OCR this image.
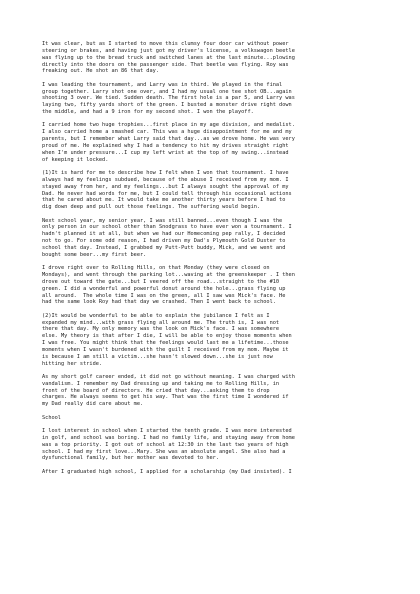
It was clear, but as I started to move this clumsy four door car without power
steering or brakes, and having just got my driver's license, a volkswagon beetle
was flying up to the bread truck and switched lanes at the last minute...plowing
directly into the doors on the passenger side. That beetle was flying. Roy was
freaking out. He shot an 86 that day.

I was leading the tournament, and Larry was in third. We played in the final
group together. Larry shot one over, and I had my usual one tee shot OB...again
shooting 3 over. We tied. Sudden death. The first hole is a par 5, and Larry was
laying two, fifty yards short of the green. I busted a monster drive right down
the middle, and had a 9 iron for my second shot. I won the playoff.

I carried home two huge trophies...first place in my age division, and medalist.
I also carried home a smashed car. This was a huge disappointment for me and my
parents, but I remember what Larry said that day...as we drove home. He was very
proud of me. He explained why I had a tendency to hit my drives straight right
when I'm under pressure...I cup my left wrist at the top of my swing...instead
of keeping it locked.

(1)It is hard for me to describe how I felt when I won that tournament. I have
always had my feelings subdued, because of the abuse I received from my mom. I
stayed away from her, and my feelings...but I always sought the approval of my
Dad. He never had words for me, but I could tell through his occasional actions
that he cared about me. It would take me another thirty years before I had to
dig down deep and pull out those feelings. The suffering would begin.

Next school year, my senior year, I was still banned...even though I was the
only person in our school other than Snodgrass to have ever won a tournament. I
hadn't planned it at all, but when we had our Homecoming pep rally, I decided
not to go. For some odd reason, I had driven my Dad's Plymouth Gold Duster to
school that day. Instead, I grabbed my Putt-Putt buddy, Mick, and we went and
bought some beer...my first beer.

I drove right over to Rolling Hills, on that Monday (they were closed on
Mondays), and went through the parking lot...waving at the greenskeeper . I then
drove out toward the gate...but I veered off the road...straight to the #10
green. I did a wonderful and powerful donut around the hole...grass flying up
all around.  The whole time I was on the green, all I saw was Mick's face. He
had the same look Roy had that day we crashed. Then I went back to school.

(2)It would be wonderful to be able to explain the jubilance I felt as I
expanded my mind...with grass flying all around me. The truth is, I was not
there that day. My only memory was the look on Mick's face. I was somewhere
else. My theory is that after I die, I will be able to enjoy those moments when
I was free. You might think that the feelings would last me a lifetime...those
moments when I wasn't burdened with the guilt I received from my mom. Maybe it
is because I am still a victim...she hasn't slowed down...she is just now
hitting her stride.

As my short golf career ended, it did not go without meaning. I was charged with
vandalism. I remember my Dad dressing up and taking me to Rolling Hills, in
front of the board of directors. He cried that day...asking them to drop
charges. He always seems to get his way. That was the first time I wondered if
my Dad really did care about me.

School

I lost interest in school when I started the tenth grade. I was more interested
in golf, and school was boring. I had no family life, and staying away from home
was a top priority. I got out of school at 12:30 in the last two years of high
school. I had my first love...Mary. She was an absolute angel. She also had a
dysfunctional family, but her mother was devoted to her.

After I graduated high school, I applied for a scholarship (my Dad insisted). I
